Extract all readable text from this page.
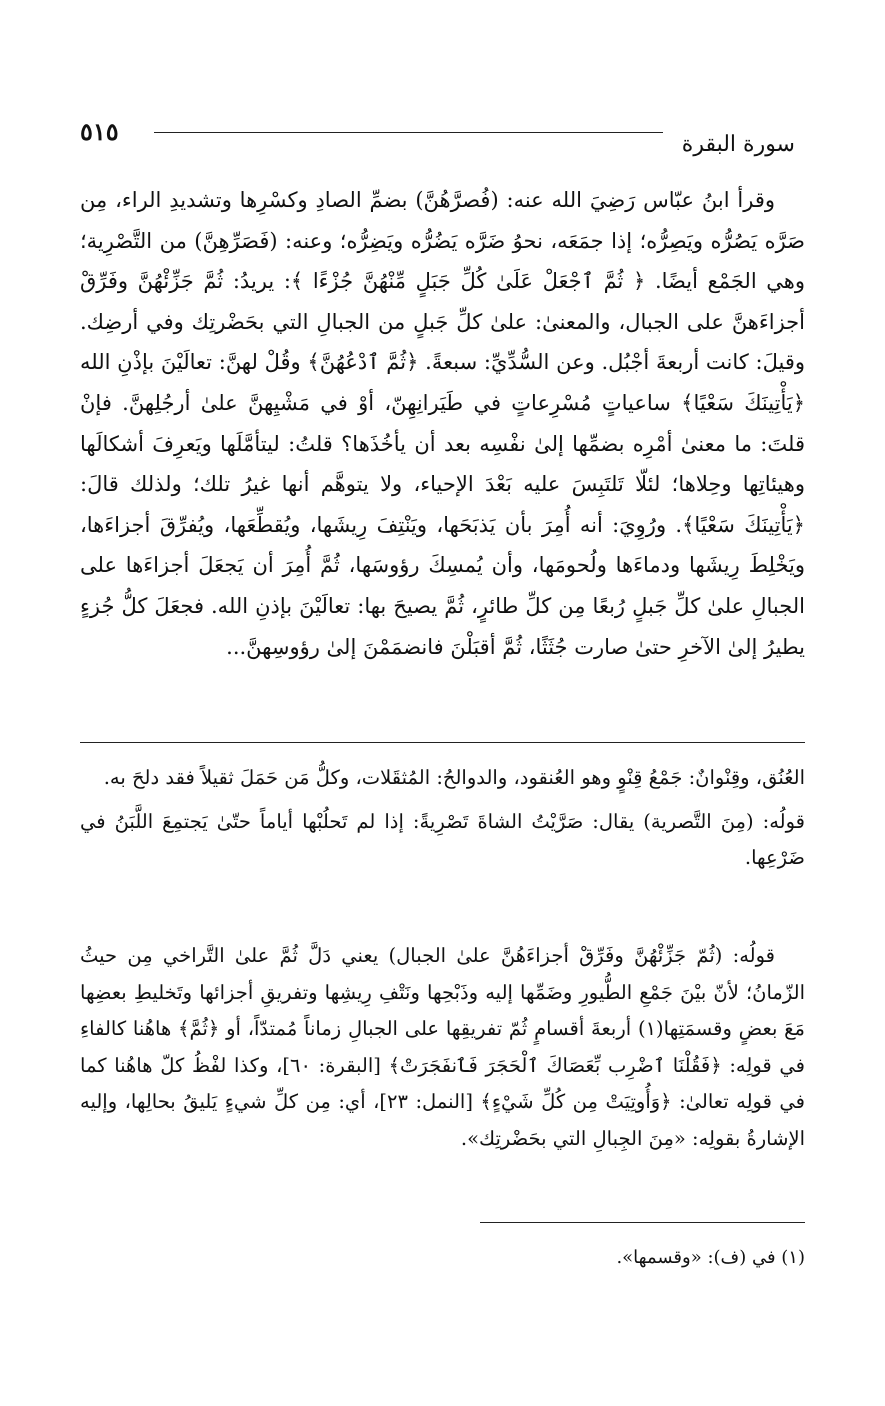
سورة البقرة
٥١٥

وقرأ ابنُ عبّاس رَضِيَ الله عنه: (فُصرَّهُنَّ) بضمِّ الصادِ وكسْرِها وتشديدِ الراء، مِن صَرَّه يَصُرُّه ويَصِرُّه؛ إذا جمَعَه، نحوُ ضَرَّه يَضُرُّه ويَضِرُّه؛ وعنه: (فَصَرِّهِنَّ) من التَّصْرِية؛ وهي الجَمْع أيضًا. ﴿ ثُمَّ ٱجْعَلْ عَلَىٰ كُلِّ جَبَلٍ مِّنْهُنَّ جُزْءًا ﴾: يريدُ: ثُمَّ جَزِّئْهُنَّ وفَرِّقْ أجزاءَهنَّ على الجبال، والمعنىٰ: علىٰ كلِّ جَبلٍ من الجبالِ التي بحَضْرتِك وفي أرضِك. وقيلَ: كانت أربعةَ أجْبُل. وعن السُّدِّيِّ: سبعةً. ﴿ثُمَّ ٱدْعُهُنَّ﴾ وقُلْ لهنَّ: تعالَيْنَ بإذْنِ الله ﴿يَأْتِينَكَ سَعْيًا﴾ ساعياتٍ مُسْرِعاتٍ في طَيَرانِهِنّ، أوْ في مَشْيِهنَّ علىٰ أرجُلِهنَّ. فإنْ قلتَ: ما معنىٰ أمْرِه بضمِّها إلىٰ نفْسِه بعد أن يأخُذَها؟ قلتُ: ليتأمَّلَها ويَعرِفَ أشكالَها وهيئاتِها وحِلاها؛ لئلّا تَلتَبِسَ عليه بَعْدَ الإحياء، ولا يتوهَّم أنها غيرُ تلك؛ ولذلك قالَ: ﴿يَأْتِينَكَ سَعْيًا﴾. ورُوِيَ: أنه أُمِرَ بأن يَذبَحَها، ويَنْتِفَ رِيشَها، ويُقطِّعَها، ويُفرِّقَ أجزاءَها، ويَخْلِطَ رِيشَها ودماءَها ولُحومَها، وأن يُمسِكَ رؤوسَها، ثُمَّ أُمِرَ أن يَجعَلَ أجزاءَها على الجبالِ علىٰ كلِّ جَبلٍ رُبعًا مِن كلِّ طائرٍ، ثُمَّ يصيحَ بها: تعالَيْنَ بإذنِ الله. فجعَلَ كلُّ جُزءٍ يطيرُ إلىٰ الآخرِ حتىٰ صارت جُثَثًا، ثُمَّ أقبَلْنَ فانضمَمْنَ إلىٰ رؤوسِهنَّ...

العُنُق، وقِنْوانٌ: جَمْعُ قِنْوٍ وهو العُنقود، والدوالحُ: المُثقَلات، وكلُّ مَن حَمَلَ ثقيلاً فقد دلحَ به.

قولُه: (مِنَ التَّصرية) يقال: صَرَّيْتُ الشاةَ تَصْرِيةً: إذا لم تَحلُبْها أياماً حتّىٰ يَجتمِعَ اللَّبَنُ في ضَرْعِها.

قولُه: (ثُمّ جَزِّئْهُنَّ وفَرِّقْ أجزاءَهُنَّ علىٰ الجبال) يعني دَلَّ ثُمَّ علىٰ التَّراخي مِن حيثُ الزّمانُ؛ لأنّ بيْنَ جَمْعِ الطُّيورِ وضَمِّها إليه وذَبْحِها ونَتْفِ رِيشِها وتفريقِ أجزائها وتَخليطِ بعضِها مَعَ بعضٍ وقسمَتِها(١) أربعةَ أقسامٍ ثُمّ تفريقِها على الجبالِ زماناً مُمتدّاً، أو ﴿ثُمَّ﴾ هاهُنا كالفاءِ في قولِه: ﴿فَقُلْنَا ٱضْرِب بِّعَصَاكَ ٱلْحَجَرَ فَٱنفَجَرَتْ﴾ [البقرة: ٦٠]، وكذا لفْظُ كلّ هاهُنا كما في قولِه تعالىٰ: ﴿وَأُوتِيَتْ مِن كُلِّ شَيْءٍ﴾ [النمل: ٢٣]، أي: مِن كلِّ شيءٍ يَليقُ بحالِها، وإليه الإشارةُ بقولِه: «مِنَ الجِبالِ التي بحَضْرتِك».

(١) في (ف): «وقسمها».
